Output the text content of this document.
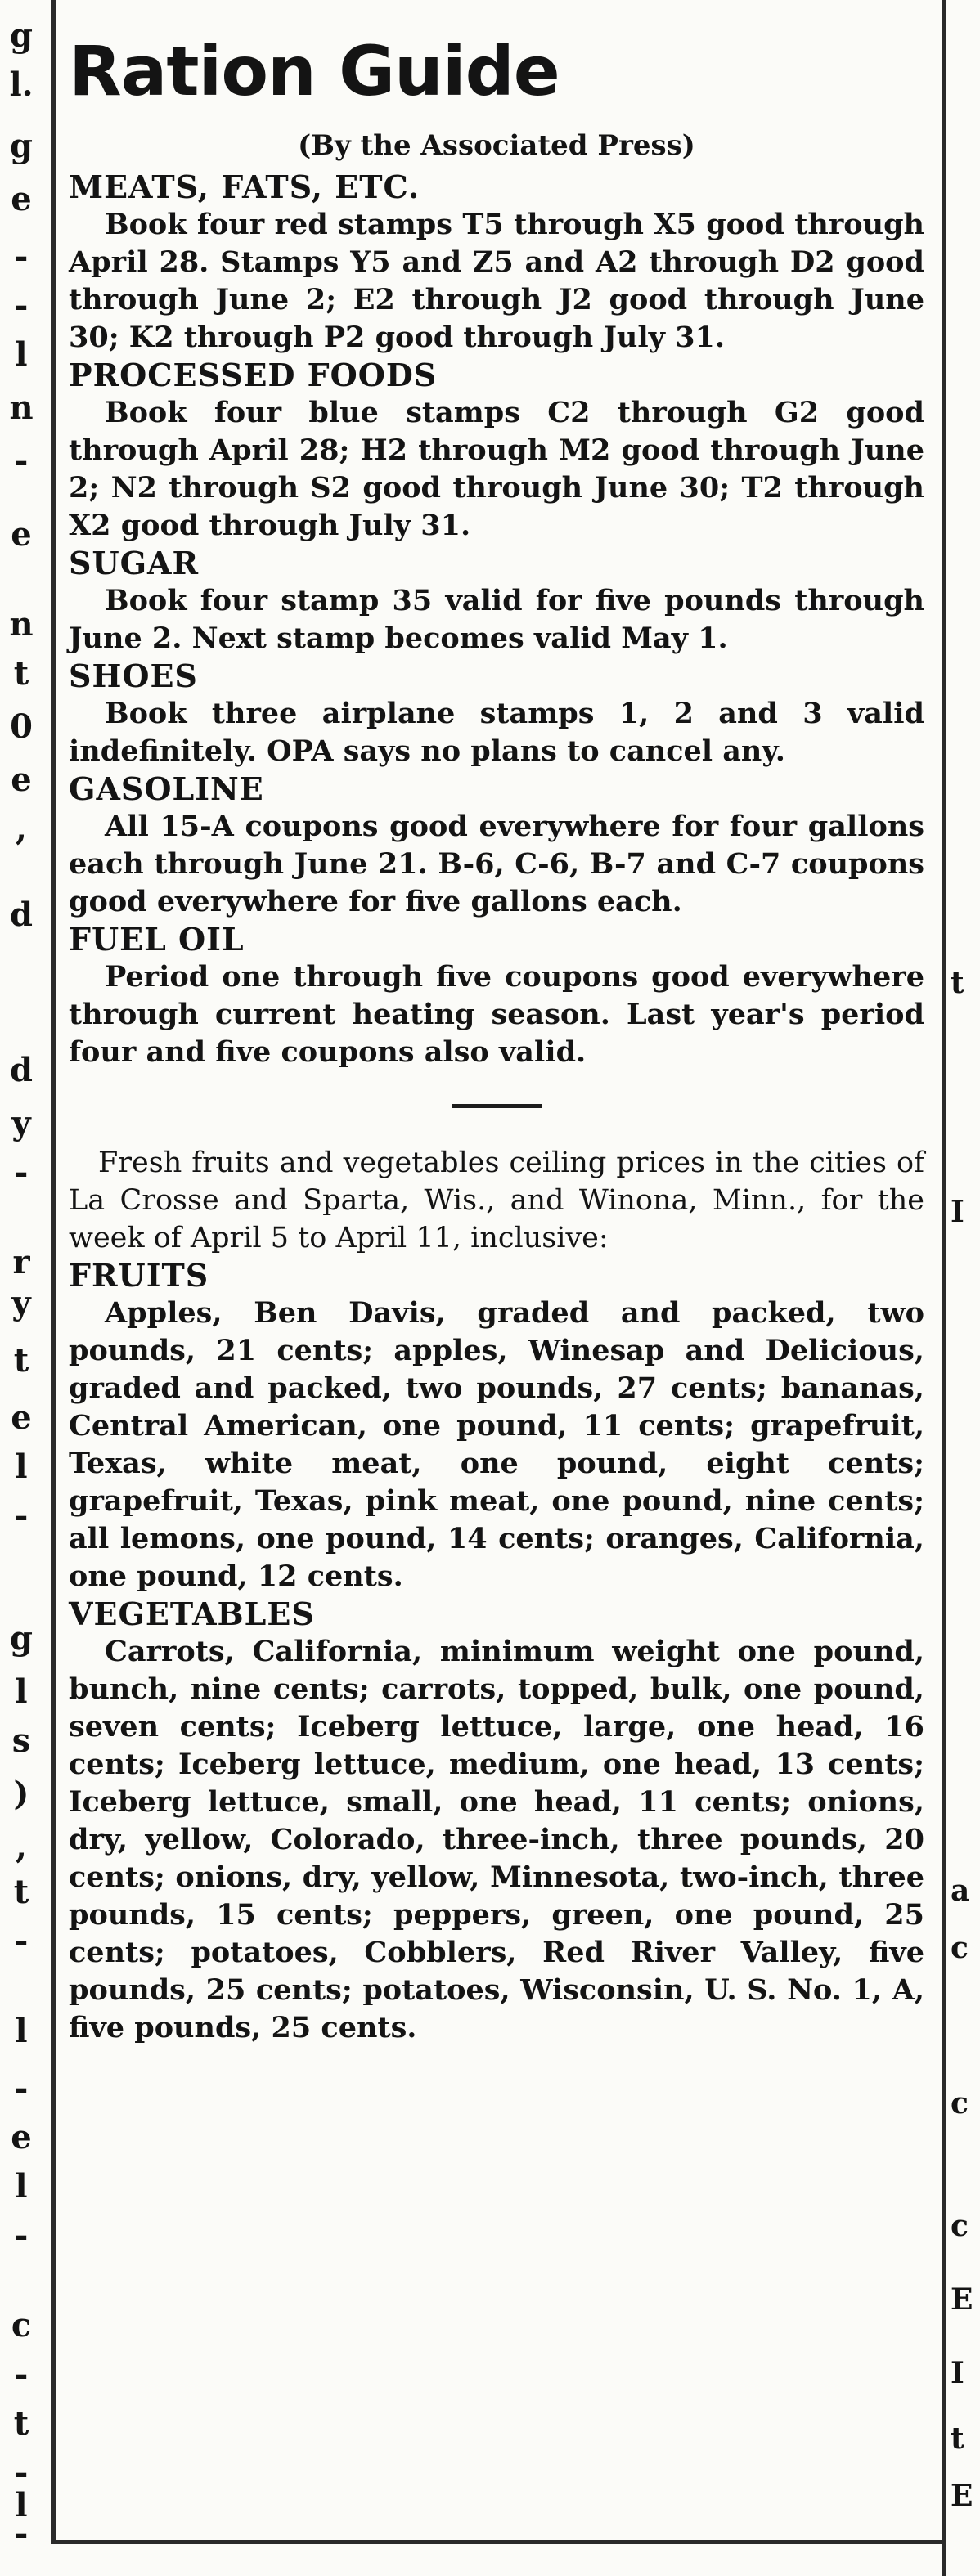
g
l.
g
e
-
-
l
n
-
e
n
t
0
e
,
d
d
y
-
r
y
t
e
l
-
g
l
s
)
,
t
-
l
-
e
l
-
c
-
t
-
l
-
t
I
a
c
c
c
E
I
t
E
Ration Guide
(By the Associated Press)
MEATS, FATS, ETC.

Book four red stamps T5 through X5 good through April 28. Stamps Y5 and Z5 and A2 through D2 good through June 2; E2 through J2 good through June 30; K2 through P2 good through July 31.

PROCESSED FOODS

Book four blue stamps C2 through G2 good through April 28; H2 through M2 good through June 2; N2 through S2 good through June 30; T2 through X2 good through July 31.

SUGAR

Book four stamp 35 valid for five pounds through June 2. Next stamp becomes valid May 1.

SHOES

Book three airplane stamps 1, 2 and 3 valid indefinitely. OPA says no plans to cancel any.

GASOLINE

All 15-A coupons good everywhere for four gallons each through June 21. B-6, C-6, B-7 and C-7 coupons good everywhere for five gallons each.

FUEL OIL

Period one through five coupons good everywhere through current heating season. Last year's period four and five coupons also valid.

Fresh fruits and vegetables ceiling prices in the cities of La Crosse and Sparta, Wis., and Winona, Minn., for the week of April 5 to April 11, inclusive:

FRUITS

Apples, Ben Davis, graded and packed, two pounds, 21 cents; apples, Winesap and Delicious, graded and packed, two pounds, 27 cents; bananas, Central American, one pound, 11 cents; grapefruit, Texas, white meat, one pound, eight cents; grapefruit, Texas, pink meat, one pound, nine cents; all lemons, one pound, 14 cents; oranges, California, one pound, 12 cents.

VEGETABLES

Carrots, California, minimum weight one pound, bunch, nine cents; carrots, topped, bulk, one pound, seven cents; Iceberg lettuce, large, one head, 16 cents; Iceberg lettuce, medium, one head, 13 cents; Iceberg lettuce, small, one head, 11 cents; onions, dry, yellow, Colorado, three-inch, three pounds, 20 cents; onions, dry, yellow, Minnesota, two-inch, three pounds, 15 cents; peppers, green, one pound, 25 cents; potatoes, Cobblers, Red River Valley, five pounds, 25 cents; potatoes, Wisconsin, U. S. No. 1, A, five pounds, 25 cents.
